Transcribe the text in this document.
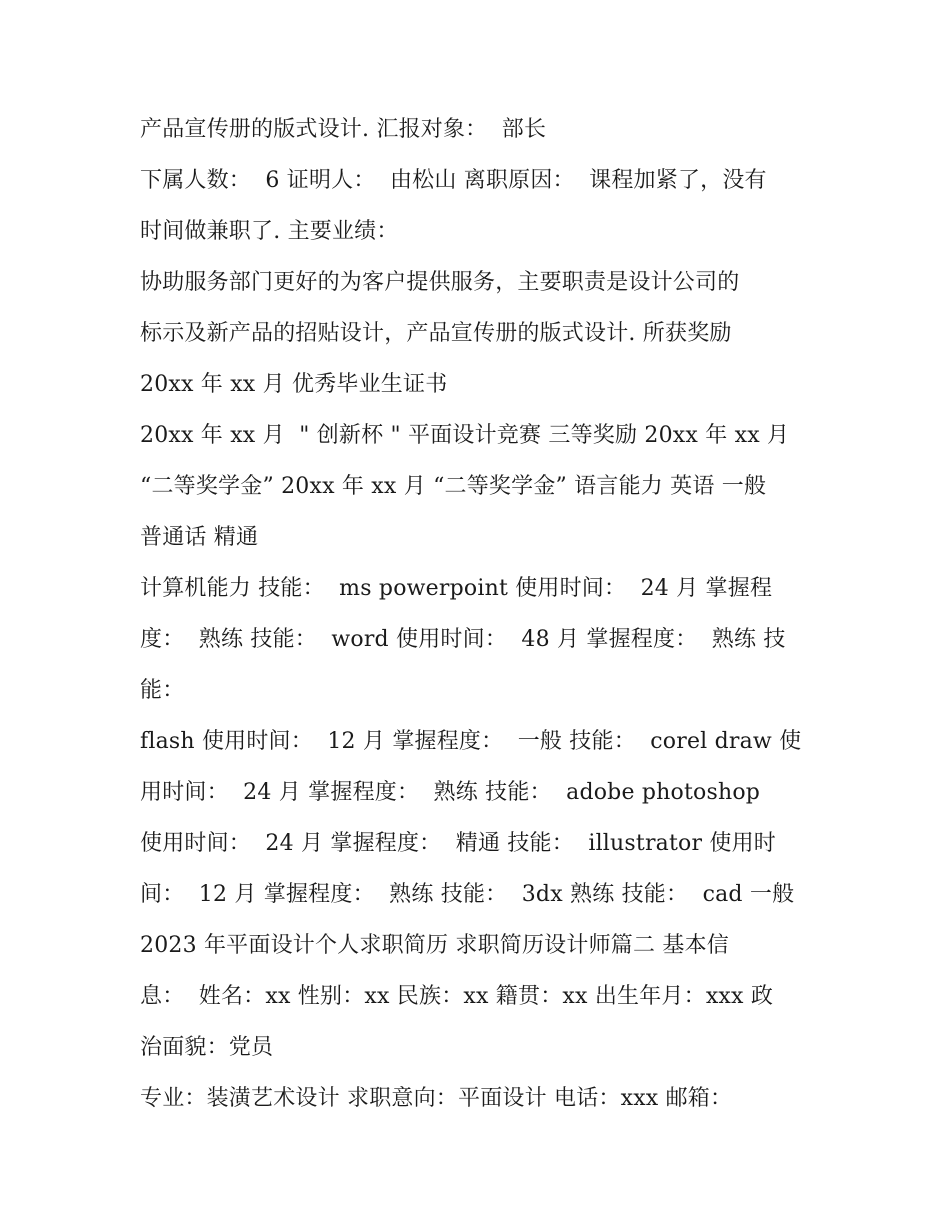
产品宣传册的版式设计. 汇报对象：  部长
下属人数：  6 证明人：  由松山 离职原因：  课程加紧了，没有
时间做兼职了. 主要业绩：
协助服务部门更好的为客户提供服务，主要职责是设计公司的
标示及新产品的招贴设计，产品宣传册的版式设计. 所获奖励
20xx 年 xx 月 优秀毕业生证书
20xx 年 xx 月  " 创新杯 " 平面设计竞赛 三等奖励 20xx 年 xx 月
“二等奖学金” 20xx 年 xx 月 “二等奖学金” 语言能力 英语 一般
普通话 精通
计算机能力 技能：  ms powerpoint 使用时间：  24 月 掌握程
度：  熟练 技能：  word 使用时间：  48 月 掌握程度：  熟练 技
能：
flash 使用时间：  12 月 掌握程度：  一般 技能：  corel draw 使
用时间：  24 月 掌握程度：  熟练 技能：  adobe photoshop
使用时间：  24 月 掌握程度：  精通 技能：  illustrator 使用时
间：  12 月 掌握程度：  熟练 技能：  3dx 熟练 技能：  cad 一般
2023 年平面设计个人求职简历 求职简历设计师篇二 基本信
息：  姓名：xx 性别：xx 民族：xx 籍贯：xx 出生年月：xxx 政
治面貌：党员
专业：装潢艺术设计 求职意向：平面设计 电话：xxx 邮箱：
